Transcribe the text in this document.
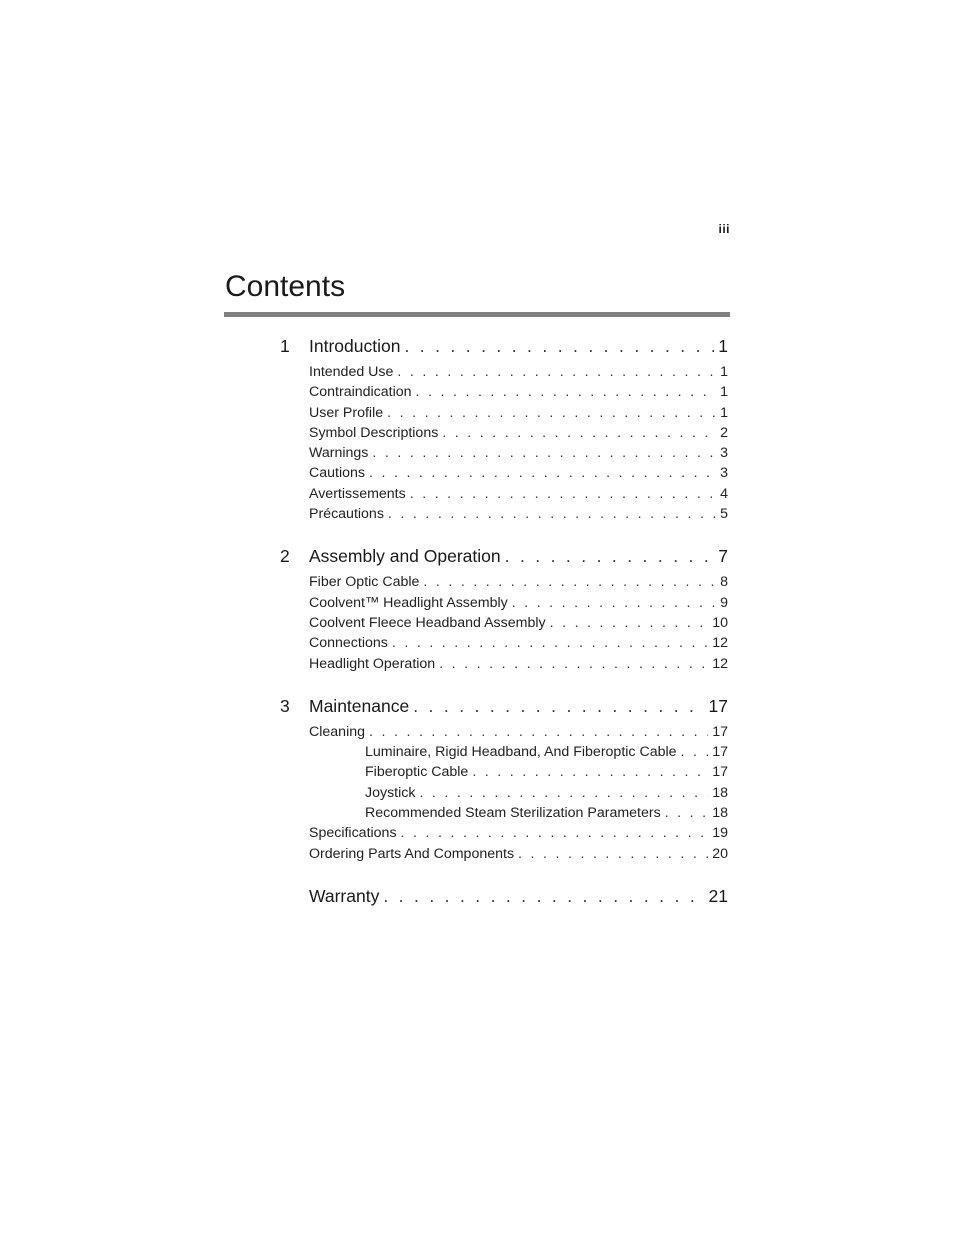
iii
Contents
1	Introduction . . .	1
Intended Use . . .	1
Contraindication . . .	1
User Profile . . .	1
Symbol Descriptions . . .	2
Warnings . . .	3
Cautions . . .	3
Avertissements . . .	4
Précautions . . .	5
2	Assembly and Operation . . .	7
Fiber Optic Cable . . .	8
Coolvent™ Headlight Assembly . . .	9
Coolvent Fleece Headband Assembly . . .	10
Connections . . .	12
Headlight Operation . . .	12
3	Maintenance . . .	17
Cleaning . . .	17
Luminaire, Rigid Headband, And Fiberoptic Cable . . .	17
Fiberoptic Cable . . .	17
Joystick . . .	18
Recommended Steam Sterilization Parameters . . .	18
Specifications . . .	19
Ordering Parts And Components . . .	20
Warranty . . .	21
